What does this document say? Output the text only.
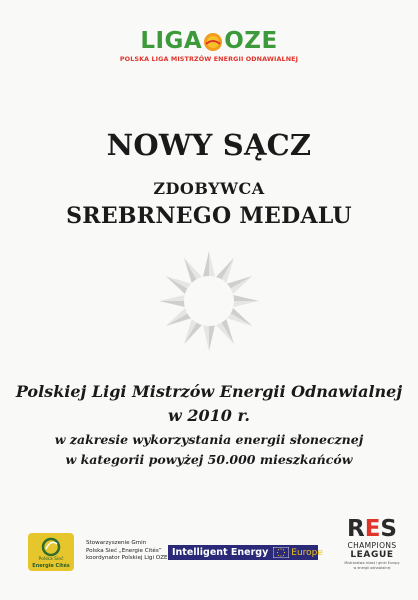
LIGA OZE
POLSKA LIGA MISTRZÓW ENERGII ODNAWIALNEJ
NOWY SĄCZ
ZDOBYWCA
SREBRNEGO MEDALU
Polskiej Ligi Mistrzów Energii Odnawialnej
w 2010 r.
w zakresie wykorzystania energii słonecznej
w kategorii powyżej 50.000 mieszkańców
Polska Sieć
Energie Cités
Stowarzyszenie Gmin
Polska Sieć „Energie Cités”
koordynator Polskiej Ligi OZE
Intelligent Energy	Europe
RES
CHAMPIONS
LEAGUE
Mistrzostwa miast i gmin Europy
w energii odnawialnej
